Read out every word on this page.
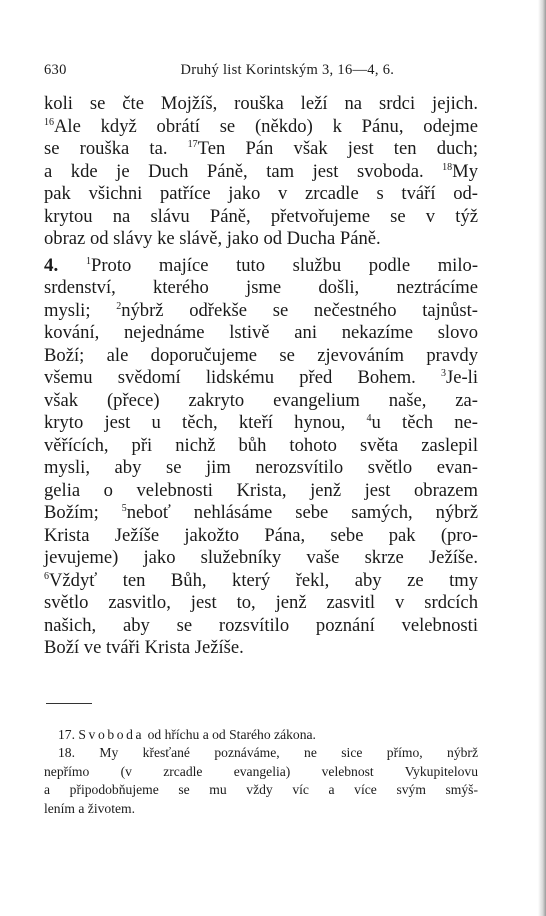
630	Druhý list Korintským 3, 16—4, 6.
koli se čte Mojžíš, rouška leží na srdci jejich.
$^{16}$Ale když obrátí se (někdo) k Pánu, odejme
se rouška ta. $^{17}$Ten Pán však jest ten duch;
a kde je Duch Páně, tam jest svoboda. $^{18}$My
pak všichni patříce jako v zrcadle s tváří od-
krytou na slávu Páně, přetvořujeme se v týž
obraz od slávy ke slávě, jako od Ducha Páně.
4. $^1$Proto majíce tuto službu podle milo-
srdenství, kterého jsme došli, neztrácíme
mysli; $^2$nýbrž odřekše se nečestného tajnůst-
kování, nejednáme lstivě ani nekazíme slovo
Boží; ale doporučujeme se zjevováním pravdy
všemu svědomí lidskému před Bohem. $^3$Je-li
však (přece) zakryto evangelium naše, za-
kryto jest u těch, kteří hynou, $^4$u těch ne-
věřících, při nichž bůh tohoto světa zaslepil
mysli, aby se jim nerozsvítilo světlo evan-
gelia o velebnosti Krista, jenž jest obrazem
Božím; $^5$neboť nehlásáme sebe samých, nýbrž
Krista Ježíše jakožto Pána, sebe pak (pro-
jevujeme) jako služebníky vaše skrze Ježíše.
$^6$Vždyť ten Bůh, který řekl, aby ze tmy
světlo zasvitlo, jest to, jenž zasvitl v srdcích
našich, aby se rozsvítilo poznání velebnosti
Boží ve tváři Krista Ježíše.
17. Svoboda od hříchu a od Starého zákona.
18. My křesťané poznáváme, ne sice přímo, nýbrž
nepřímo (v zrcadle evangelia) velebnost Vykupitelovu
a připodobňujeme se mu vždy víc a více svým smýš-
lením a životem.
